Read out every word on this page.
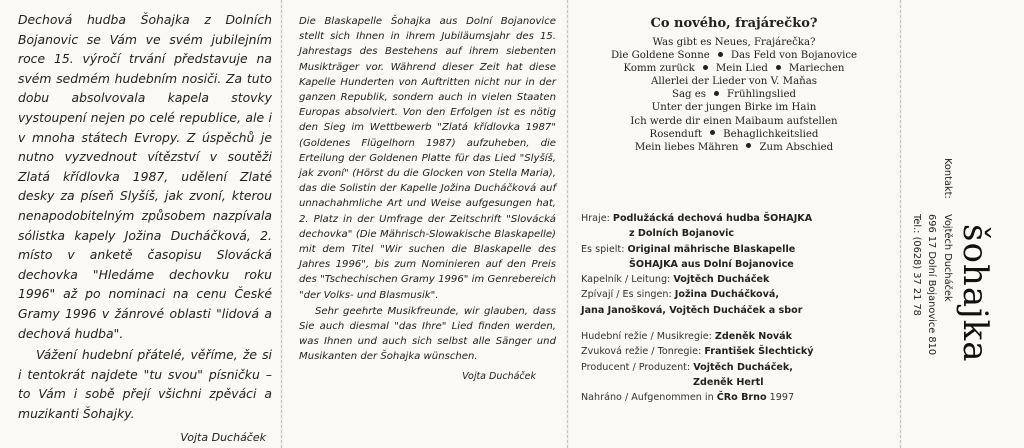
Dechová hudba Šohajka z Dolních Bojanovic se Vám ve svém jubilejním roce 15. výročí trvání představuje na svém sedmém hudebním nosiči. Za tuto dobu absolvovala kapela stovky vystoupení nejen po celé republice, ale i v mnoha státech Evropy. Z úspěchů je nutno vyzvednout vítězství v soutěži Zlatá křídlovka 1987, udělení Zlaté desky za píseň Slyšíš, jak zvoní, kterou nenapodobitelným způsobem nazpívala sólistka kapely Jožina Ducháčková, 2. místo v anketě časopisu Slovácká dechovka "Hledáme dechovku roku 1996" až po nominaci na cenu České Gramy 1996 v žánrové oblasti "lidová a dechová hudba".

Vážení hudební přátelé, věříme, že si i tentokrát najdete "tu svou" písničku – to Vám i sobě přejí všichni zpěváci a muzikanti Šohajky.

Vojta Ducháček

Die Blaskapelle Šohajka aus Dolní Bojanovice stellt sich Ihnen in ihrem Jubiläumsjahr des 15. Jahrestags des Bestehens auf ihrem siebenten Musikträger vor. Während dieser Zeit hat diese Kapelle Hunderten von Auftritten nicht nur in der ganzen Republik, sondern auch in vielen Staaten Europas absolviert. Von den Erfolgen ist es nötig den Sieg im Wettbewerb "Zlatá křídlovka 1987" (Goldenes Flügelhorn 1987) aufzuheben, die Erteilung der Goldenen Platte für das Lied "Slyšíš, jak zvoní" (Hörst du die Glocken von Stella Maria), das die Solistin der Kapelle Jožina Ducháčková auf unnachahmliche Art und Weise aufgesungen hat, 2. Platz in der Umfrage der Zeitschrift "Slovácká dechovka" (Die Mährisch-Slowakische Blaskapelle) mit dem Titel "Wir suchen die Blaskapelle des Jahres 1996", bis zum Nominieren auf den Preis des "Tschechischen Gramy 1996" im Genrebereich "der Volks- und Blasmusik".

Sehr geehrte Musikfreunde, wir glauben, dass Sie auch diesmal "das Ihre" Lied finden werden, was Ihnen und auch sich selbst alle Sänger und Musikanten der Šohajka wünschen.

Vojta Ducháček

Co nového, frajárečko?

Was gibt es Neues, Frajárečka?
Die Goldene Sonne Das Feld von Bojanovice
Komm zurück Mein Lied Mariechen
Allerlei der Lieder von V. Maňas
Sag es Frühlingslied
Unter der jungen Birke im Hain
Ich werde dir einen Maibaum aufstellen
Rosenduft Behaglichkeitslied
Mein liebes Mähren Zum Abschied
Hraje: Podlužácká dechová hudba ŠOHAJKA
z Dolních Bojanovic
Es spielt: Original mährische Blaskapelle
ŠOHAJKA aus Dolní Bojanovice
Kapelník / Leitung: Vojtěch Ducháček
Zpívají / Es singen: Jožina Ducháčková,
Jana Janošková, Vojtěch Ducháček a sbor
Hudební režie / Musikregie: Zdeněk Novák
Zvuková režie / Tonregie: František Šlechtický
Producent / Produzent: Vojtěch Ducháček,
Zdeněk Hertl
Nahráno / Aufgenommen in ČRo Brno 1997
šohajka
Kontakt:Vojtěch Ducháček
696 17 Dolní Bojanovice 810
Tel.: (0628) 37 21 78
